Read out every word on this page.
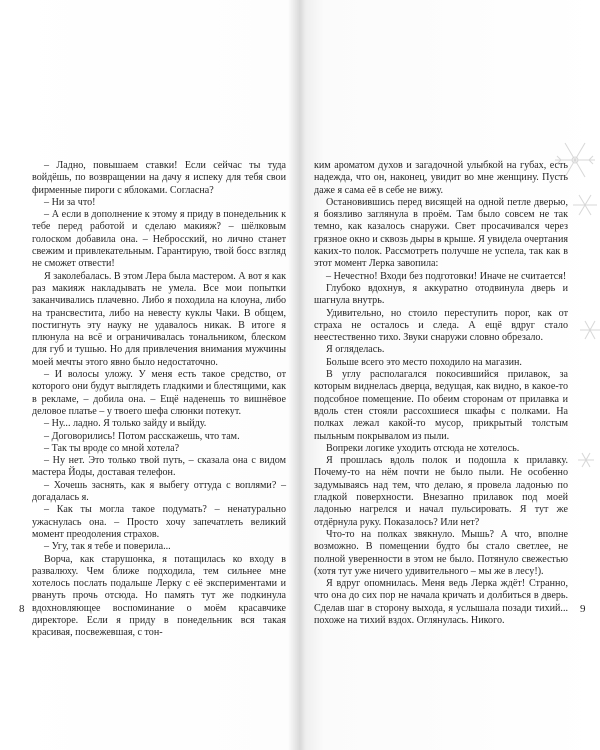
– Ладно, повышаем ставки! Если сейчас ты туда войдёшь, по возвращении на дачу я испеку для тебя свои фирменные пироги с яблоками. Согласна?

– Ни за что!

– А если в дополнение к этому я приду в понедельник к тебе перед работой и сделаю макияж? – шёлковым голоском добавила она. – Небросский, но лично станет свежим и привлекательным. Гарантирую, твой босс взгляд не сможет отвести!

Я заколебалась. В этом Лера была мастером. А вот я как раз макияж накладывать не умела. Все мои попытки заканчивались плачевно. Либо я походила на клоуна, либо на трансвестита, либо на невесту куклы Чаки. В общем, постигнуть эту науку не удавалось никак. В итоге я плюнула на всё и ограничивалась тональником, блеском для губ и тушью. Но для привлечения внимания мужчины моей мечты этого явно было недостаточно.

– И волосы уложу. У меня есть такое средство, от которого они будут выглядеть гладкими и блестящими, как в рекламе, – добила она. – Ещё наденешь то вишнёвое деловое платье – у твоего шефа слюнки потекут.

– Ну... ладно. Я только зайду и выйду.

– Договорились! Потом расскажешь, что там.

– Так ты вроде со мной хотела?

– Ну нет. Это только твой путь, – сказала она с видом мастера Йоды, доставая телефон.

– Хочешь заснять, как я выбегу оттуда с воплями? – догадалась я.

– Как ты могла такое подумать? – ненатурально ужаснулась она. – Просто хочу запечатлеть великий момент преодоления страхов.

– Угу, так я тебе и поверила...

Ворча, как старушонка, я потащилась ко входу в развалюху. Чем ближе подходила, тем сильнее мне хотелось послать подальше Лерку с её экспериментами и рвануть прочь отсюда. Но память тут же подкинула вдохновляющее воспоминание о моём красавчике директоре. Если я приду в понедельник вся такая красивая, посвежевшая, с тон-

ким ароматом духов и загадочной улыбкой на губах, есть надежда, что он, наконец, увидит во мне женщину. Пусть даже я сама её в себе не вижу.

Остановившись перед висящей на одной петле дверью, я боязливо заглянула в проём. Там было совсем не так темно, как казалось снаружи. Свет просачивался через грязное окно и сквозь дыры в крыше. Я увидела очертания каких-то полок. Рассмотреть получше не успела, так как в этот момент Лерка завопила:

– Нечестно! Входи без подготовки! Иначе не считается!

Глубоко вдохнув, я аккуратно отодвинула дверь и шагнула внутрь.

Удивительно, но стоило переступить порог, как от страха не осталось и следа. А ещё вдруг стало неестественно тихо. Звуки снаружи словно обрезало.

Я огляделась.

Больше всего это место походило на магазин.

В углу располагался покосившийся прилавок, за которым виднелась дверца, ведущая, как видно, в какое-то подсобное помещение. По обеим сторонам от прилавка и вдоль стен стояли рассохшиеся шкафы с полками. На полках лежал какой-то мусор, прикрытый толстым пыльным покрывалом из пыли.

Вопреки логике уходить отсюда не хотелось.

Я прошлась вдоль полок и подошла к прилавку. Почему-то на нём почти не было пыли. Не особенно задумываясь над тем, что делаю, я провела ладонью по гладкой поверхности. Внезапно прилавок под моей ладонью нагрелся и начал пульсировать. Я тут же отдёрнула руку. Показалось? Или нет?

Что-то на полках звякнуло. Мышь? А что, вполне возможно. В помещении будто бы стало светлее, не полной уверенности в этом не было. Потянуло свежестью (хотя тут уже ничего удивительного – мы же в лесу!).

Я вдруг опомнилась. Меня ведь Лерка ждёт! Странно, что она до сих пор не начала кричать и долбиться в дверь. Сделав шаг в сторону выхода, я услышала позади тихий... похоже на тихий вздох. Оглянулась. Никого.

8	9
